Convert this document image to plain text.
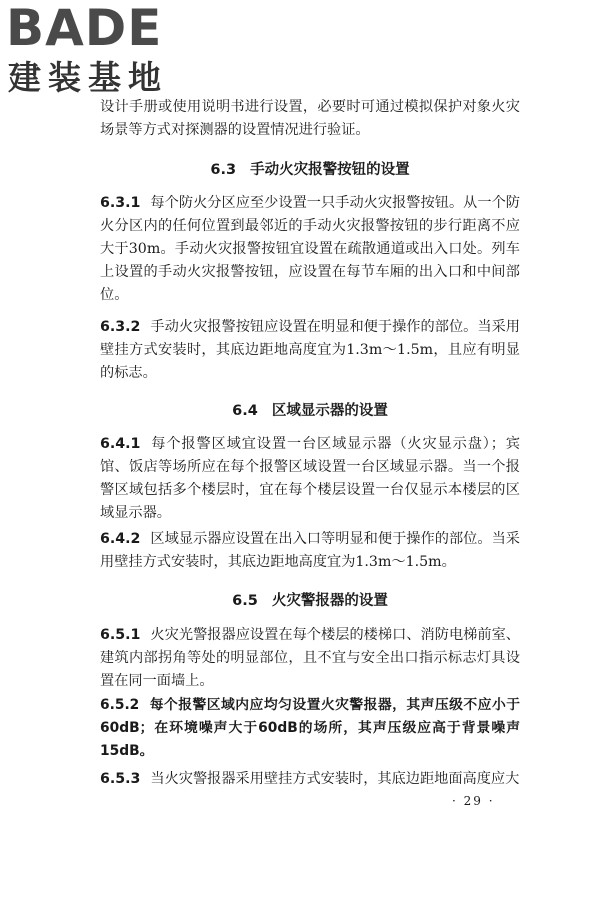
BADE
建装基地
设计手册或使用说明书进行设置，必要时可通过模拟保护对象火灾场景等方式对探测器的设置情况进行验证。
6.3 手动火灾报警按钮的设置
6.3.1 每个防火分区应至少设置一只手动火灾报警按钮。从一个防火分区内的任何位置到最邻近的手动火灾报警按钮的步行距离不应大于30m。手动火灾报警按钮宜设置在疏散通道或出入口处。列车上设置的手动火灾报警按钮，应设置在每节车厢的出入口和中间部位。
6.3.2 手动火灾报警按钮应设置在明显和便于操作的部位。当采用壁挂方式安装时，其底边距地高度宜为1.3m～1.5m，且应有明显的标志。
6.4 区域显示器的设置
6.4.1 每个报警区域宜设置一台区域显示器（火灾显示盘）；宾馆、饭店等场所应在每个报警区域设置一台区域显示器。当一个报警区域包括多个楼层时，宜在每个楼层设置一台仅显示本楼层的区域显示器。
6.4.2 区域显示器应设置在出入口等明显和便于操作的部位。当采用壁挂方式安装时，其底边距地高度宜为1.3m～1.5m。
6.5 火灾警报器的设置
6.5.1 火灾光警报器应设置在每个楼层的楼梯口、消防电梯前室、建筑内部拐角等处的明显部位，且不宜与安全出口指示标志灯具设置在同一面墙上。
6.5.2 每个报警区域内应均匀设置火灾警报器，其声压级不应小于60dB；在环境噪声大于60dB的场所，其声压级应高于背景噪声15dB。
6.5.3 当火灾警报器采用壁挂方式安装时，其底边距地面高度应大
· 29 ·
